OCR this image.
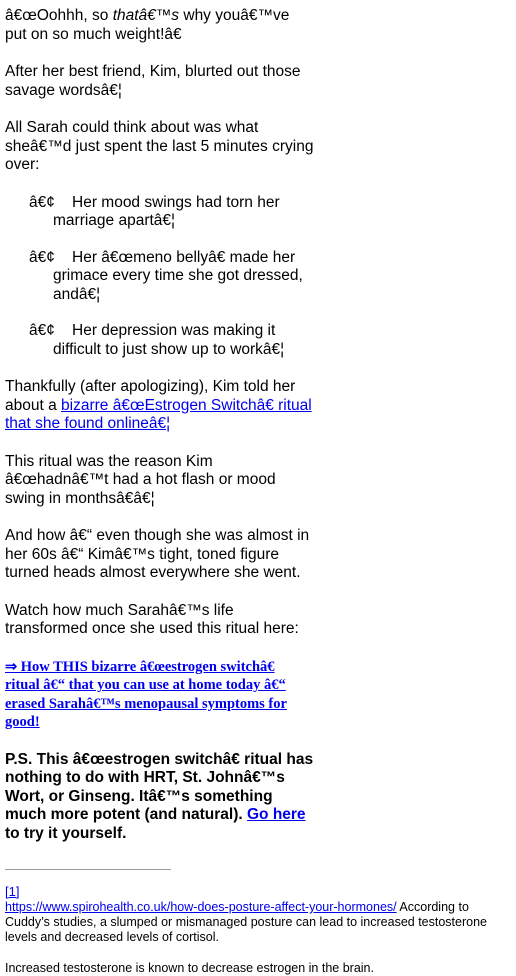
â€œOohhh, so thatâ€™s why youâ€™ve put on so much weight!â€

After her best friend, Kim, blurted out those savage wordsâ€¦

All Sarah could think about was what sheâ€™d just spent the last 5 minutes crying over:

â€¢	Her mood swings had torn her marriage apartâ€¦
â€¢	Her â€œmeno bellyâ€ made her grimace every time she got dressed, andâ€¦
â€¢	Her depression was making it difficult to just show up to workâ€¦

Thankfully (after apologizing), Kim told her about a bizarre â€œEstrogen Switchâ€ ritual that she found onlineâ€¦

This ritual was the reason Kim â€œhadnâ€™t had a hot flash or mood swing in monthsâ€â€¦

And how â€“ even though she was almost in her 60s â€“ Kimâ€™s tight, toned figure turned heads almost everywhere she went.

Watch how much Sarahâ€™s life transformed once she used this ritual here:

⇒ How THIS bizarre â€œestrogen switchâ€ ritual â€“ that you can use at home today â€“ erased Sarahâ€™s menopausal symptoms for good!

P.S. This â€œestrogen switchâ€ ritual has nothing to do with HRT, St. Johnâ€™s Wort, or Ginseng. Itâ€™s something much more potent (and natural). Go here to try it yourself.

[1]
https://www.spirohealth.co.uk/how-does-posture-affect-your-hormones/ According to Cuddy’s studies, a slumped or mismanaged posture can lead to increased testosterone levels and decreased levels of cortisol.

Increased testosterone is known to decrease estrogen in the brain.
